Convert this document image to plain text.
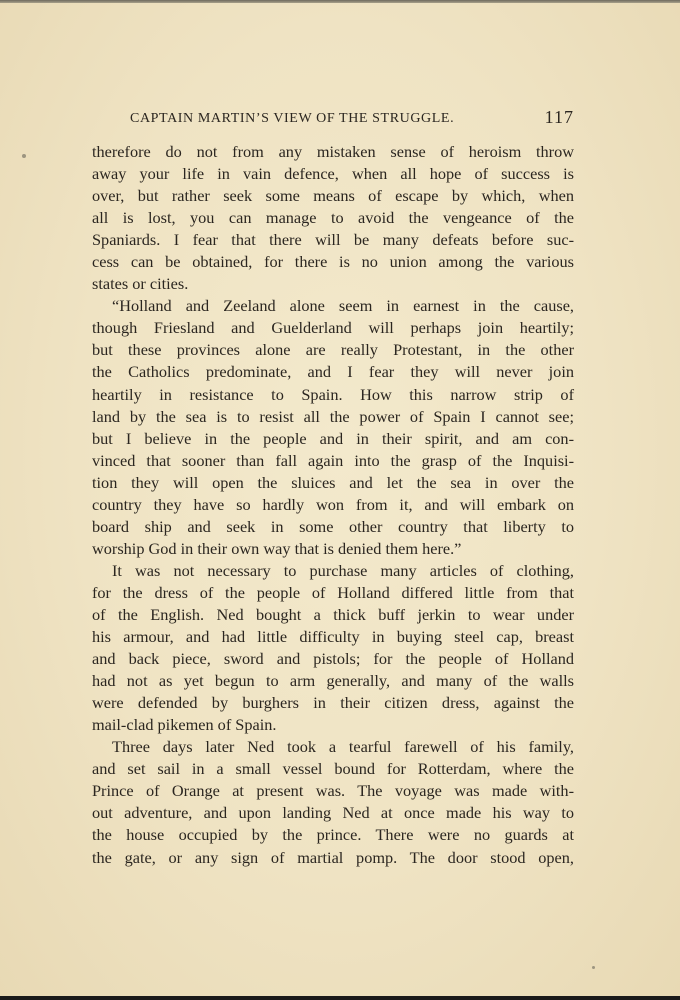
CAPTAIN MARTIN’S VIEW OF THE STRUGGLE.	117
therefore do not from any mistaken sense of heroism throw
away your life in vain defence, when all hope of success is
over, but rather seek some means of escape by which, when
all is lost, you can manage to avoid the vengeance of the
Spaniards. I fear that there will be many defeats before suc-
cess can be obtained, for there is no union among the various
states or cities.
“Holland and Zeeland alone seem in earnest in the cause,
though Friesland and Guelderland will perhaps join heartily;
but these provinces alone are really Protestant, in the other
the Catholics predominate, and I fear they will never join
heartily in resistance to Spain. How this narrow strip of
land by the sea is to resist all the power of Spain I cannot see;
but I believe in the people and in their spirit, and am con-
vinced that sooner than fall again into the grasp of the Inquisi-
tion they will open the sluices and let the sea in over the
country they have so hardly won from it, and will embark on
board ship and seek in some other country that liberty to
worship God in their own way that is denied them here.”
It was not necessary to purchase many articles of clothing,
for the dress of the people of Holland differed little from that
of the English. Ned bought a thick buff jerkin to wear under
his armour, and had little difficulty in buying steel cap, breast
and back piece, sword and pistols; for the people of Holland
had not as yet begun to arm generally, and many of the walls
were defended by burghers in their citizen dress, against the
mail-clad pikemen of Spain.
Three days later Ned took a tearful farewell of his family,
and set sail in a small vessel bound for Rotterdam, where the
Prince of Orange at present was. The voyage was made with-
out adventure, and upon landing Ned at once made his way to
the house occupied by the prince. There were no guards at
the gate, or any sign of martial pomp. The door stood open,
